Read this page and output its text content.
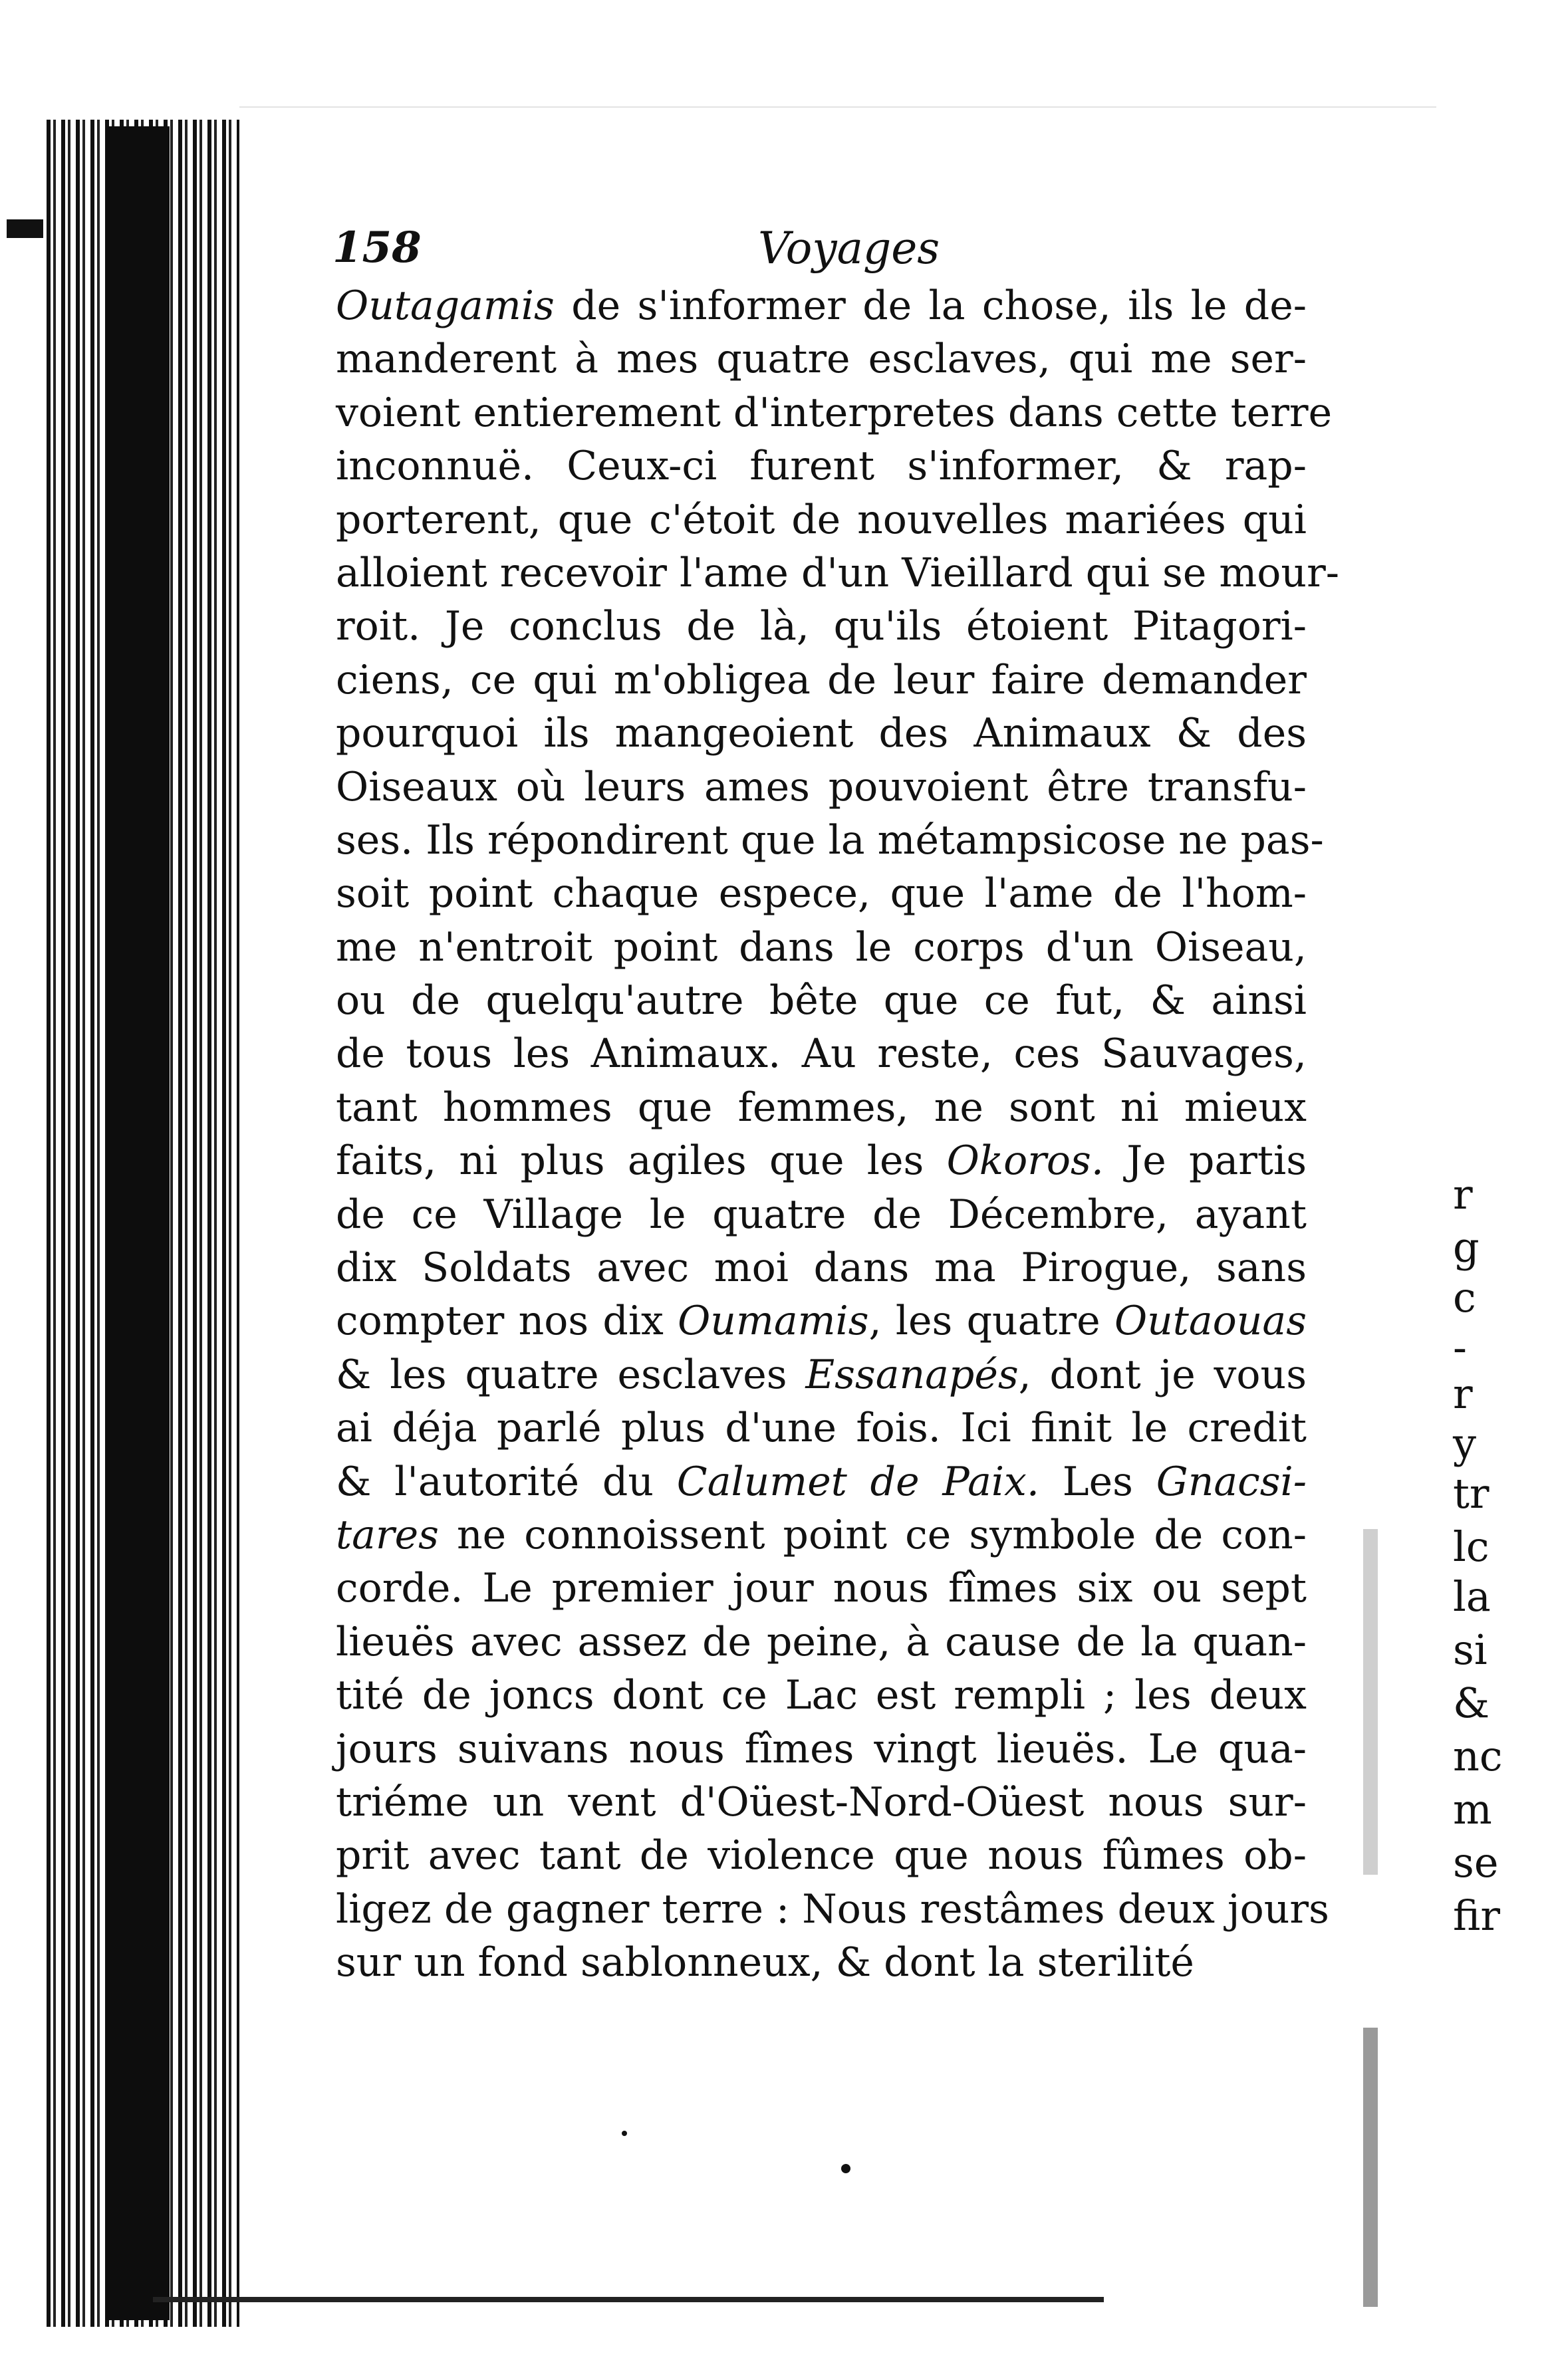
158	Voyages
Outagamis de s'informer de la chose, ils le de-
manderent à mes quatre esclaves, qui me ser-
voient entierement d'interpretes dans cette terre
inconnuë. Ceux-ci furent s'informer, & rap-
porterent, que c'étoit de nouvelles mariées qui
alloient recevoir l'ame d'un Vieillard qui se mour-
roit. Je conclus de là, qu'ils étoient Pitagori-
ciens, ce qui m'obligea de leur faire demander
pourquoi ils mangeoient des Animaux & des
Oiseaux où leurs ames pouvoient être transfu-
ses. Ils répondirent que la métampsicose ne pas-
soit point chaque espece, que l'ame de l'hom-
me n'entroit point dans le corps d'un Oiseau,
ou de quelqu'autre bête que ce fut, & ainsi
de tous les Animaux. Au reste, ces Sauvages,
tant hommes que femmes, ne sont ni mieux
faits, ni plus agiles que les Okoros. Je partis
de ce Village le quatre de Décembre, ayant
dix Soldats avec moi dans ma Pirogue, sans
compter nos dix Oumamis, les quatre Outaouas
& les quatre esclaves Essanapés, dont je vous
ai déja parlé plus d'une fois. Ici finit le credit
& l'autorité du Calumet de Paix. Les Gnacsi-
tares ne connoissent point ce symbole de con-
corde. Le premier jour nous fîmes six ou sept
lieuës avec assez de peine, à cause de la quan-
tité de joncs dont ce Lac est rempli ; les deux
jours suivans nous fîmes vingt lieuës. Le qua-
triéme un vent d'Oüest-Nord-Oüest nous sur-
prit avec tant de violence que nous fûmes ob-
ligez de gagner terre : Nous restâmes deux jours
sur un fond sablonneux, & dont la sterilité
r
g
c
-
r
y
tr
lc
la
si
&
nc
m
se
fir
